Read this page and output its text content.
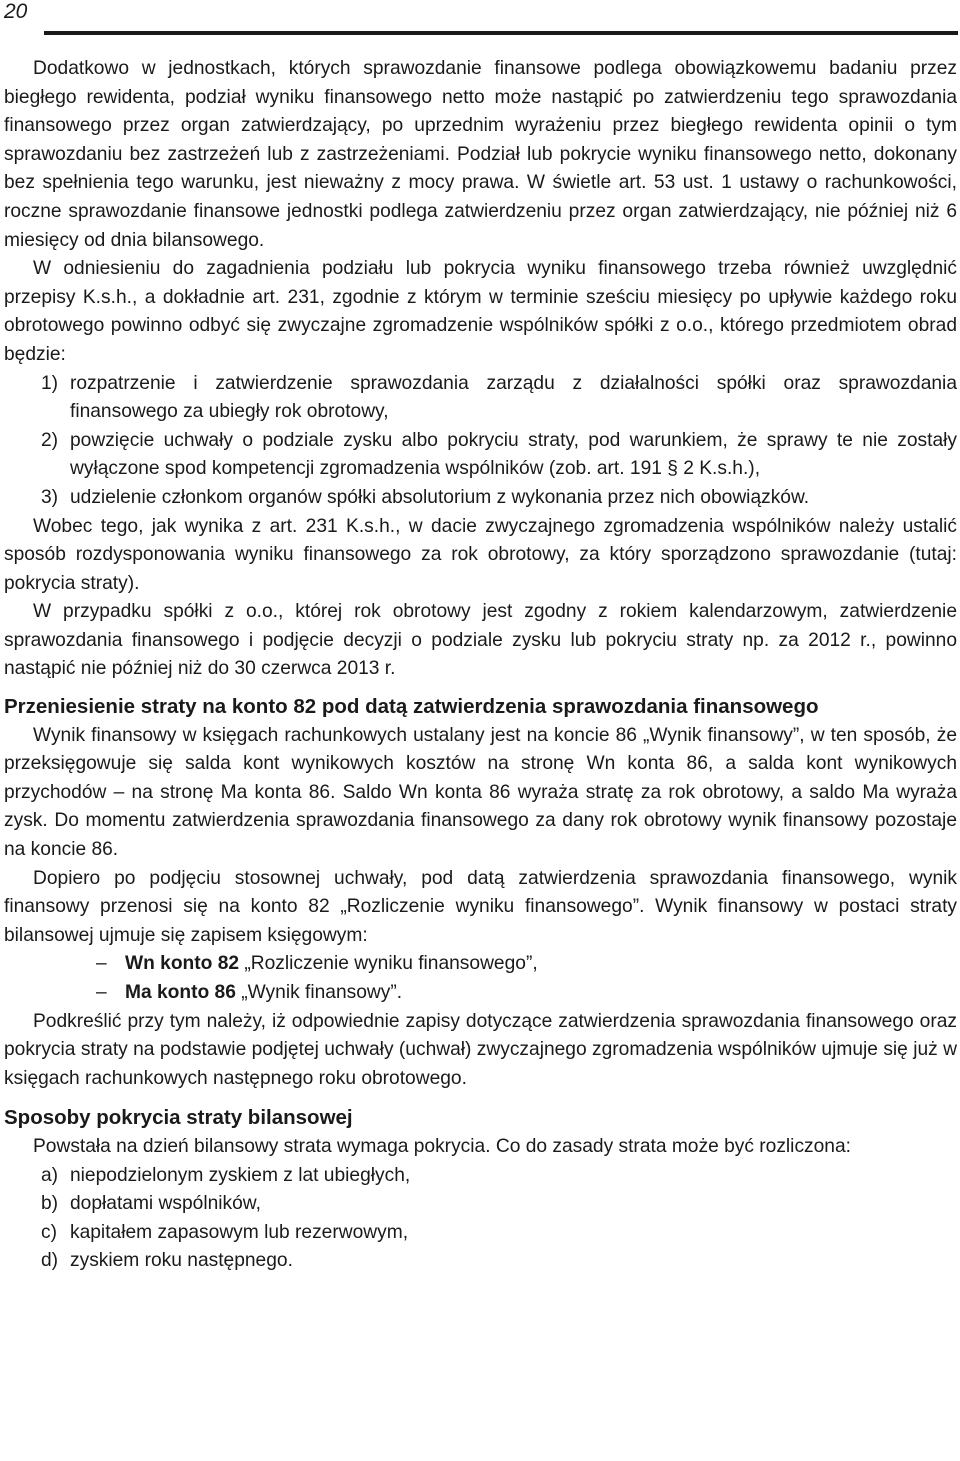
20

Dodatkowo w jednostkach, których sprawozdanie finansowe podlega obowiązkowemu badaniu przez biegłego rewidenta, podział wyniku finansowego netto może nastąpić po zatwierdzeniu tego sprawozdania finansowego przez organ zatwierdzający, po uprzednim wyrażeniu przez biegłego rewidenta opinii o tym sprawozdaniu bez zastrzeżeń lub z zastrzeżeniami. Podział lub pokrycie wyniku finansowego netto, dokonany bez spełnienia tego warunku, jest nieważny z mocy prawa. W świetle art. 53 ust. 1 ustawy o rachunkowości, roczne sprawozdanie finansowe jednostki podlega zatwierdzeniu przez organ zatwierdzający, nie później niż 6 miesięcy od dnia bilansowego.

W odniesieniu do zagadnienia podziału lub pokrycia wyniku finansowego trzeba również uwzględnić przepisy K.s.h., a dokładnie art. 231, zgodnie z którym w terminie sześciu miesięcy po upływie każdego roku obrotowego powinno odbyć się zwyczajne zgromadzenie wspólników spółki z o.o., którego przedmiotem obrad będzie:

1) rozpatrzenie i zatwierdzenie sprawozdania zarządu z działalności spółki oraz sprawozdania finansowego za ubiegły rok obrotowy,
2) powzięcie uchwały o podziale zysku albo pokryciu straty, pod warunkiem, że sprawy te nie zostały wyłączone spod kompetencji zgromadzenia wspólników (zob. art. 191 § 2 K.s.h.),
3) udzielenie członkom organów spółki absolutorium z wykonania przez nich obowiązków.

Wobec tego, jak wynika z art. 231 K.s.h., w dacie zwyczajnego zgromadzenia wspólników należy ustalić sposób rozdysponowania wyniku finansowego za rok obrotowy, za który sporządzono sprawozdanie (tutaj: pokrycia straty).

W przypadku spółki z o.o., której rok obrotowy jest zgodny z rokiem kalendarzowym, zatwierdzenie sprawozdania finansowego i podjęcie decyzji o podziale zysku lub pokryciu straty np. za 2012 r., powinno nastąpić nie później niż do 30 czerwca 2013 r.

Przeniesienie straty na konto 82 pod datą zatwierdzenia sprawozdania finansowego

Wynik finansowy w księgach rachunkowych ustalany jest na koncie 86 „Wynik finansowy”, w ten sposób, że przeksięgowuje się salda kont wynikowych kosztów na stronę Wn konta 86, a salda kont wynikowych przychodów – na stronę Ma konta 86. Saldo Wn konta 86 wyraża stratę za rok obrotowy, a saldo Ma wyraża zysk. Do momentu zatwierdzenia sprawozdania finansowego za dany rok obrotowy wynik finansowy pozostaje na koncie 86.

Dopiero po podjęciu stosownej uchwały, pod datą zatwierdzenia sprawozdania finansowego, wynik finansowy przenosi się na konto 82 „Rozliczenie wyniku finansowego”. Wynik finansowy w postaci straty bilansowej ujmuje się zapisem księgowym:

– Wn konto 82 „Rozliczenie wyniku finansowego”,
– Ma konto 86 „Wynik finansowy”.

Podkreślić przy tym należy, iż odpowiednie zapisy dotyczące zatwierdzenia sprawozdania finansowego oraz pokrycia straty na podstawie podjętej uchwały (uchwał) zwyczajnego zgromadzenia wspólników ujmuje się już w księgach rachunkowych następnego roku obrotowego.

Sposoby pokrycia straty bilansowej

Powstała na dzień bilansowy strata wymaga pokrycia. Co do zasady strata może być rozliczona:

a) niepodzielonym zyskiem z lat ubiegłych,
b) dopłatami wspólników,
c) kapitałem zapasowym lub rezerwowym,
d) zyskiem roku następnego.
